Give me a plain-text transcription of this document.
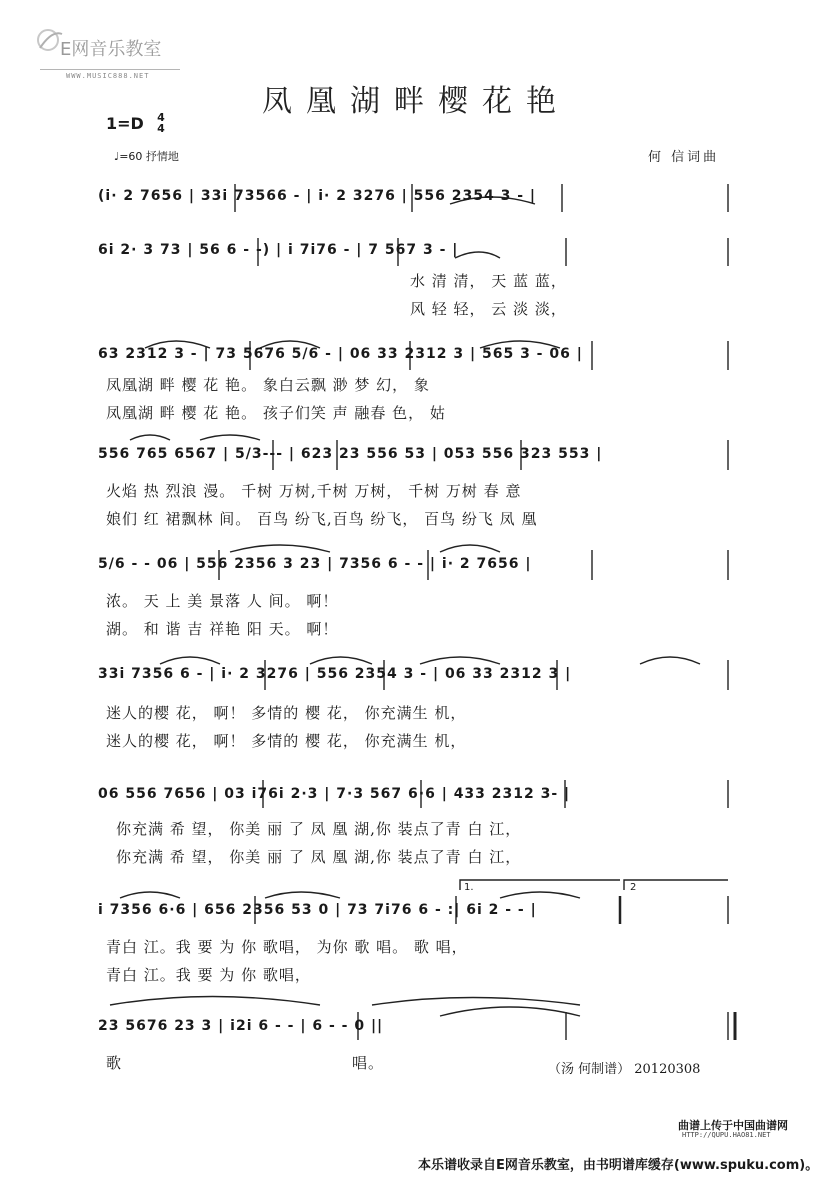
E网音乐教室
WWW.MUSIC888.NET
凤凰湖畔樱花艳
1=D 4
4
♩=60 抒情地	何 信词曲
(i· 2 7656 | 33i 73566 - | i· 2 3276 | 556 2354 3 - |
6i 2· 3 73 | 56 6 - -) | i 7i76 - | 7 567 3 - |
63 2312 3 - | 73 5676 5/6 - | 06 33 2312 3 | 565 3 - 06 |
556 765 6567 | 5/3--- | 623 23 556 53 | 053 556 323 553 |
5/6 - - 06 | 556 2356 3 23 | 7356 6 - - | i· 2 7656 |
33i 7356 6 - | i· 2 3276 | 556 2354 3 - | 06 33 2312 3 |
06 556 7656 | 03 i76i 2·3 | 7·3 567 6·6 | 433 2312 3- |
i 7356 6·6 | 656 2356 53 0 | 73 7i76 6 - :| 6i 2 - - |
23 5676 23 3 | i2i 6 - - | 6 - - 0 ||
水 清 清， 天 蓝 蓝，
风 轻 轻， 云 淡 淡，
凤凰湖 畔 樱 花 艳。 象白云飘 渺 梦 幻， 象
凤凰湖 畔 樱 花 艳。 孩子们笑 声 融春 色， 姑
火焰 热 烈浪 漫。 千树 万树,千树 万树， 千树 万树 春 意
娘们 红 裙飘林 间。 百鸟 纷飞,百鸟 纷飞， 百鸟 纷飞 凤 凰
浓。 天 上 美 景落 人 间。 啊！
湖。 和 谐 吉 祥艳 阳 天。 啊！
迷人的樱 花， 啊！ 多情的 樱 花， 你充满生 机，
迷人的樱 花， 啊！ 多情的 樱 花， 你充满生 机，
你充满 希 望， 你美 丽 了 凤 凰 湖,你 装点了青 白 江，
你充满 希 望， 你美 丽 了 凤 凰 湖,你 装点了青 白 江，
青白 江。我 要 为 你 歌唱， 为你 歌 唱。 歌 唱，
青白 江。我 要 为 你 歌唱，
歌	唱。
1.	2
（汤 何制谱） 20120308
曲谱上传于中国曲谱网
HTTP://QUPU.HAO81.NET
本乐谱收录自E网音乐教室，由书明谱库缓存(www.spuku.com)。
